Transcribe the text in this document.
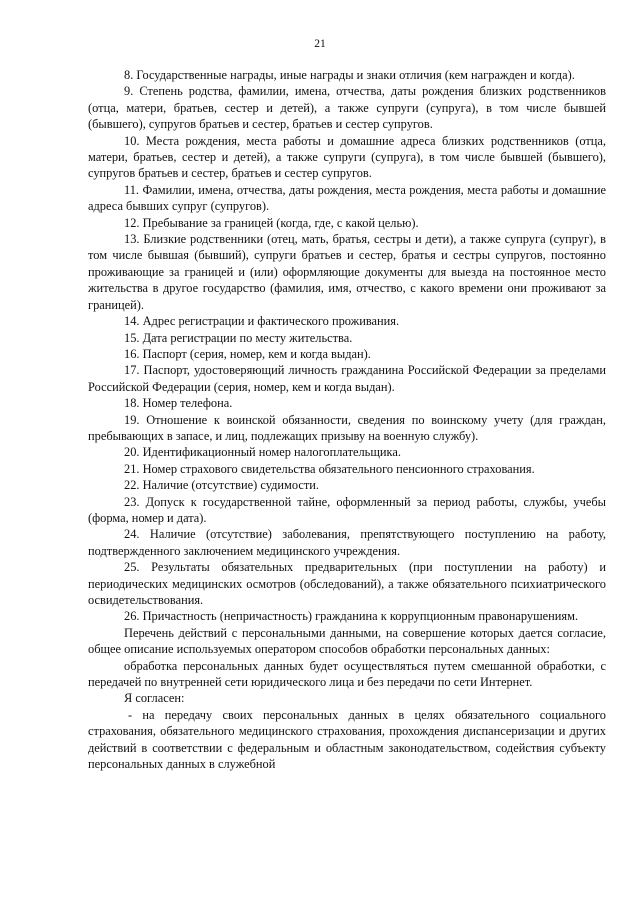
21

8. Государственные награды, иные награды и знаки отличия (кем награжден и когда).

9. Степень родства, фамилии, имена, отчества, даты рождения близких родственников (отца, матери, братьев, сестер и детей), а также супруги (супруга), в том числе бывшей (бывшего), супругов братьев и сестер, братьев и сестер супругов.

10. Места рождения, места работы и домашние адреса близких родственников (отца, матери, братьев, сестер и детей), а также супруги (супруга), в том числе бывшей (бывшего), супругов братьев и сестер, братьев и сестер супругов.

11. Фамилии, имена, отчества, даты рождения, места рождения, места работы и домашние адреса бывших супруг (супругов).

12. Пребывание за границей (когда, где, с какой целью).

13. Близкие родственники (отец, мать, братья, сестры и дети), а также супруга (супруг), в том числе бывшая (бывший), супруги братьев и сестер, братья и сестры супругов, постоянно проживающие за границей и (или) оформляющие документы для выезда на постоянное место жительства в другое государство (фамилия, имя, отчество, с какого времени они проживают за границей).

14. Адрес регистрации и фактического проживания.

15. Дата регистрации по месту жительства.

16. Паспорт (серия, номер, кем и когда выдан).

17. Паспорт, удостоверяющий личность гражданина Российской Федерации за пределами Российской Федерации (серия, номер, кем и когда выдан).

18. Номер телефона.

19. Отношение к воинской обязанности, сведения по воинскому учету (для граждан, пребывающих в запасе, и лиц, подлежащих призыву на военную службу).

20. Идентификационный номер налогоплательщика.

21. Номер страхового свидетельства обязательного пенсионного страхования.

22. Наличие (отсутствие) судимости.

23. Допуск к государственной тайне, оформленный за период работы, службы, учебы (форма, номер и дата).

24. Наличие (отсутствие) заболевания, препятствующего поступлению на работу, подтвержденного заключением медицинского учреждения.

25. Результаты обязательных предварительных (при поступлении на работу) и периодических медицинских осмотров (обследований), а также обязательного психиатрического освидетельствования.

26. Причастность (непричастность) гражданина к коррупционным правонарушениям.

Перечень действий с персональными данными, на совершение которых дается согласие, общее описание используемых оператором способов обработки персональных данных:

обработка персональных данных будет осуществляться путем смешанной обработки, с передачей по внутренней сети юридического лица и без передачи по сети Интернет.

Я согласен:

- на передачу своих персональных данных в целях обязательного социального страхования, обязательного медицинского страхования, прохождения диспансеризации и других действий в соответствии с федеральным и областным законодательством, содействия субъекту персональных данных в служебной
